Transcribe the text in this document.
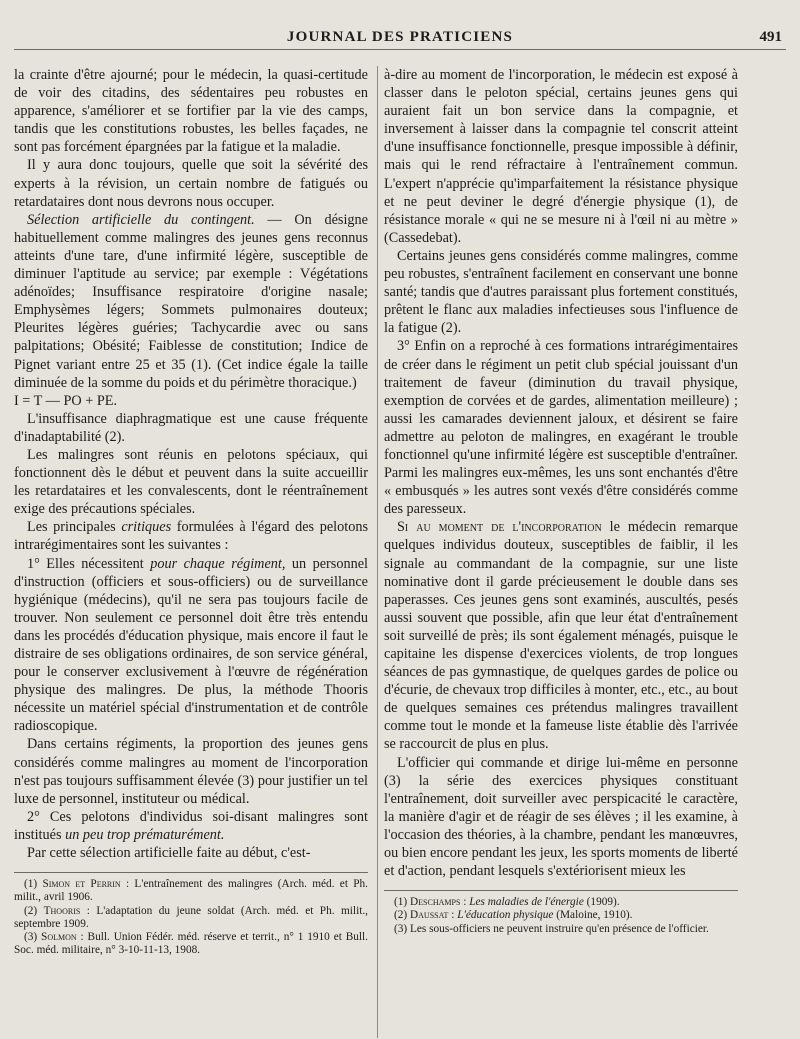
JOURNAL DES PRATICIENS	491

la crainte d'être ajourné; pour le médecin, la quasi-certitude de voir des citadins, des sédentaires peu robustes en apparence, s'améliorer et se fortifier par la vie des camps, tandis que les constitutions robustes, les belles façades, ne sont pas forcément épargnées par la fatigue et la maladie.

Il y aura donc toujours, quelle que soit la sévérité des experts à la révision, un certain nombre de fatigués ou retardataires dont nous devrons nous occuper.

Sélection artificielle du contingent. — On désigne habituellement comme malingres des jeunes gens reconnus atteints d'une tare, d'une infirmité légère, susceptible de diminuer l'aptitude au service; par exemple : Végétations adénoïdes; Insuffisance respiratoire d'origine nasale; Emphysèmes légers; Sommets pulmonaires douteux; Pleurites légères guéries; Tachycardie avec ou sans palpitations; Obésité; Faiblesse de constitution; Indice de Pignet variant entre 25 et 35 (1). (Cet indice égale la taille diminuée de la somme du poids et du périmètre thoracique.)

I = T — PO + PE.

L'insuffisance diaphragmatique est une cause fréquente d'inadaptabilité (2).

Les malingres sont réunis en pelotons spéciaux, qui fonctionnent dès le début et peuvent dans la suite accueillir les retardataires et les convalescents, dont le réentraînement exige des précautions spéciales.

Les principales critiques formulées à l'égard des pelotons intrarégimentaires sont les suivantes :

1° Elles nécessitent pour chaque régiment, un personnel d'instruction (officiers et sous-officiers) ou de surveillance hygiénique (médecins), qu'il ne sera pas toujours facile de trouver. Non seulement ce personnel doit être très entendu dans les procédés d'éducation physique, mais encore il faut le distraire de ses obligations ordinaires, de son service général, pour le conserver exclusivement à l'œuvre de régénération physique des malingres. De plus, la méthode Thooris nécessite un matériel spécial d'instrumentation et de contrôle radioscopique.

Dans certains régiments, la proportion des jeunes gens considérés comme malingres au moment de l'incorporation n'est pas toujours suffisamment élevée (3) pour justifier un tel luxe de personnel, instituteur ou médical.

2° Ces pelotons d'individus soi-disant malingres sont institués un peu trop prématurément.

Par cette sélection artificielle faite au début, c'est-

(1) Simon et Perrin : L'entraînement des malingres (Arch. méd. et Ph. milit., avril 1906.

(2) Thooris : L'adaptation du jeune soldat (Arch. méd. et Ph. milit., septembre 1909.

(3) Solmon : Bull. Union Fédér. méd. réserve et territ., n° 1 1910 et Bull. Soc. méd. militaire, n° 3-10-11-13, 1908.

à-dire au moment de l'incorporation, le médecin est exposé à classer dans le peloton spécial, certains jeunes gens qui auraient fait un bon service dans la compagnie, et inversement à laisser dans la compagnie tel conscrit atteint d'une insuffisance fonctionnelle, presque impossible à définir, mais qui le rend réfractaire à l'entraînement commun. L'expert n'apprécie qu'imparfaitement la résistance physique et ne peut deviner le degré d'énergie physique (1), de résistance morale « qui ne se mesure ni à l'œil ni au mètre » (Cassedebat).

Certains jeunes gens considérés comme malingres, comme peu robustes, s'entraînent facilement en conservant une bonne santé; tandis que d'autres paraissant plus fortement constitués, prêtent le flanc aux maladies infectieuses sous l'influence de la fatigue (2).

3° Enfin on a reproché à ces formations intrarégimentaires de créer dans le régiment un petit club spécial jouissant d'un traitement de faveur (diminution du travail physique, exemption de corvées et de gardes, alimentation meilleure) ; aussi les camarades deviennent jaloux, et désirent se faire admettre au peloton de malingres, en exagérant le trouble fonctionnel qu'une infirmité légère est susceptible d'entraîner. Parmi les malingres eux-mêmes, les uns sont enchantés d'être « embusqués » les autres sont vexés d'être considérés comme des paresseux.

Si au moment de l'incorporation le médecin remarque quelques individus douteux, susceptibles de faiblir, il les signale au commandant de la compagnie, sur une liste nominative dont il garde précieusement le double dans ses paperasses. Ces jeunes gens sont examinés, auscultés, pesés aussi souvent que possible, afin que leur état d'entraînement soit surveillé de près; ils sont également ménagés, puisque le capitaine les dispense d'exercices violents, de trop longues séances de pas gymnastique, de quelques gardes de police ou d'écurie, de chevaux trop difficiles à monter, etc., etc., au bout de quelques semaines ces prétendus malingres travaillent comme tout le monde et la fameuse liste établie dès l'arrivée se raccourcit de plus en plus.

L'officier qui commande et dirige lui-même en personne (3) la série des exercices physiques constituant l'entraînement, doit surveiller avec perspicacité le caractère, la manière d'agir et de réagir de ses élèves ; il les examine, à l'occasion des théories, à la chambre, pendant les manœuvres, ou bien encore pendant les jeux, les sports moments de liberté et d'action, pendant lesquels s'extériorisent mieux les

(1) Deschamps : Les maladies de l'énergie (1909).

(2) Daussat : L'éducation physique (Maloine, 1910).

(3) Les sous-officiers ne peuvent instruire qu'en présence de l'officier.
